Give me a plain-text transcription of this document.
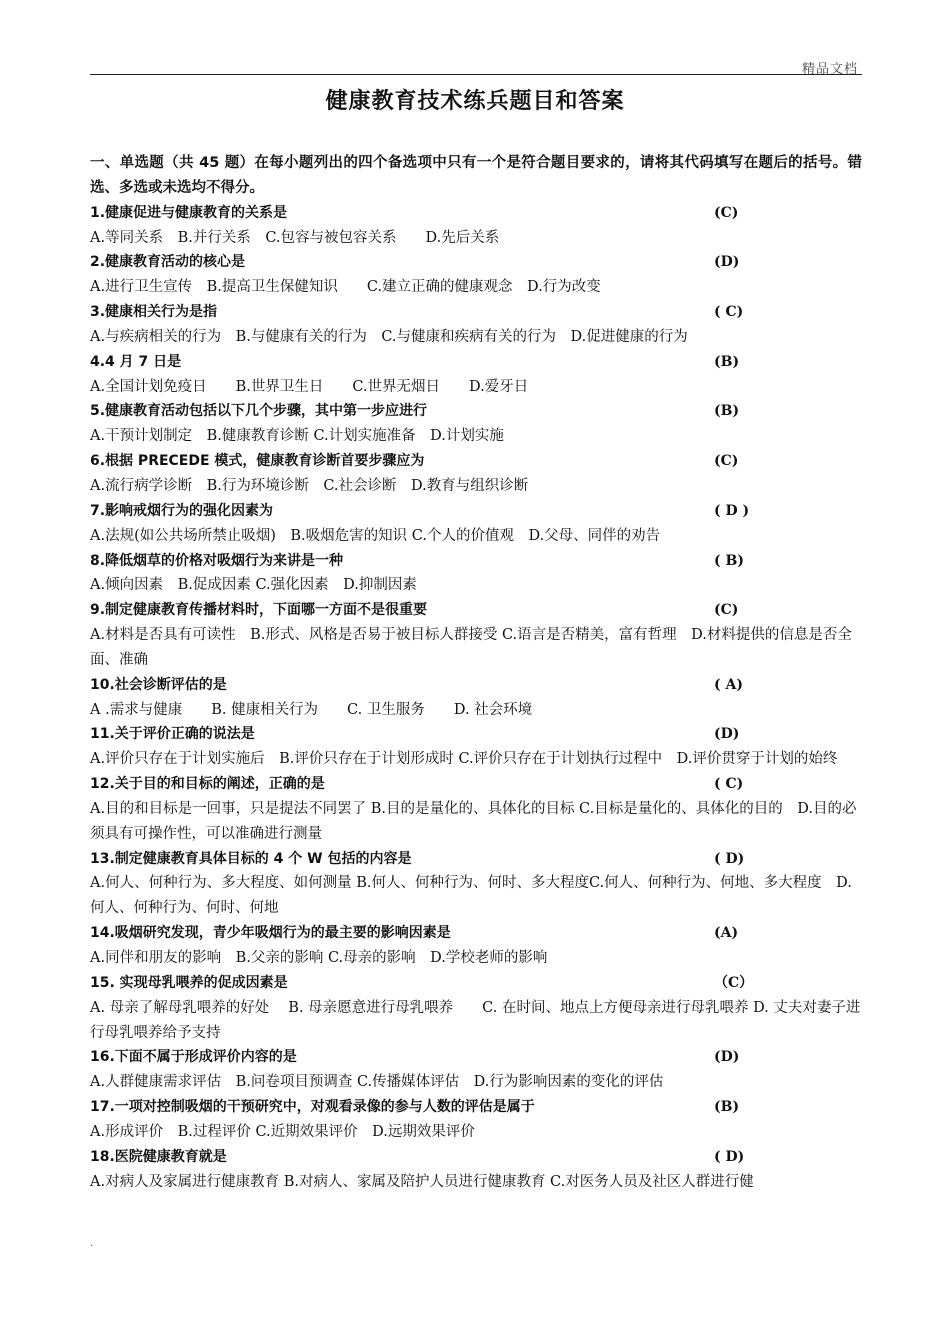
精品文档
健康教育技术练兵题目和答案
一、单选题（共 45 题）在每小题列出的四个备选项中只有一个是符合题目要求的，请将其代码填写在题后的括号。错选、多选或未选均不得分。
1.健康促进与健康教育的关系是	(C)
A.等同关系　B.并行关系　C.包容与被包容关系　　D.先后关系
2.健康教育活动的核心是	(D)
A.进行卫生宣传　B.提高卫生保健知识　　C.建立正确的健康观念　D.行为改变
3.健康相关行为是指	( C)
A.与疾病相关的行为　B.与健康有关的行为　C.与健康和疾病有关的行为　D.促进健康的行为
4.4 月 7 日是	(B)
A.全国计划免疫日　　B.世界卫生日　　C.世界无烟日　　D.爱牙日
5.健康教育活动包括以下几个步骤，其中第一步应进行	(B)
A.干预计划制定　B.健康教育诊断 C.计划实施准备　D.计划实施
6.根据 PRECEDE 模式，健康教育诊断首要步骤应为	(C)
A.流行病学诊断　B.行为环境诊断　C.社会诊断　D.教育与组织诊断
7.影响戒烟行为的强化因素为	( D )
A.法规(如公共场所禁止吸烟)　B.吸烟危害的知识 C.个人的价值观　D.父母、同伴的劝告
8.降低烟草的价格对吸烟行为来讲是一种	( B)
A.倾向因素　B.促成因素 C.强化因素　D.抑制因素
9.制定健康教育传播材料时，下面哪一方面不是很重要	(C)
A.材料是否具有可读性　B.形式、风格是否易于被目标人群接受 C.语言是否精美，富有哲理　D.材料提供的信息是否全面、准确
10.社会诊断评估的是	( A)
A .需求与健康　　B. 健康相关行为　　C. 卫生服务　　D. 社会环境
11.关于评价正确的说法是	(D)
A.评价只存在于计划实施后　B.评价只存在于计划形成时 C.评价只存在于计划执行过程中　D.评价贯穿于计划的始终
12.关于目的和目标的阐述，正确的是	( C)
A.目的和目标是一回事，只是提法不同罢了 B.目的是量化的、具体化的目标 C.目标是量化的、具体化的目的　D.目的必须具有可操作性，可以准确进行测量
13.制定健康教育具体目标的 4 个 W 包括的内容是	( D)
A.何人、何种行为、多大程度、如何测量 B.何人、何种行为、何时、多大程度C.何人、何种行为、何地、多大程度　D.何人、何种行为、何时、何地
14.吸烟研究发现，青少年吸烟行为的最主要的影响因素是	(A)
A.同伴和朋友的影响　B.父亲的影响 C.母亲的影响　D.学校老师的影响
15. 实现母乳喂养的促成因素是	（C）
A. 母亲了解母乳喂养的好处　 B. 母亲愿意进行母乳喂养　　C. 在时间、地点上方便母亲进行母乳喂养 D. 丈夫对妻子进行母乳喂养给予支持
16.下面不属于形成评价内容的是	(D)
A.人群健康需求评估　B.问卷项目预调查 C.传播媒体评估　D.行为影响因素的变化的评估
17.一项对控制吸烟的干预研究中，对观看录像的参与人数的评估是属于	(B)
A.形成评价　B.过程评价 C.近期效果评价　D.远期效果评价
18.医院健康教育就是	( D)
A.对病人及家属进行健康教育 B.对病人、家属及陪护人员进行健康教育 C.对医务人员及社区人群进行健
.
